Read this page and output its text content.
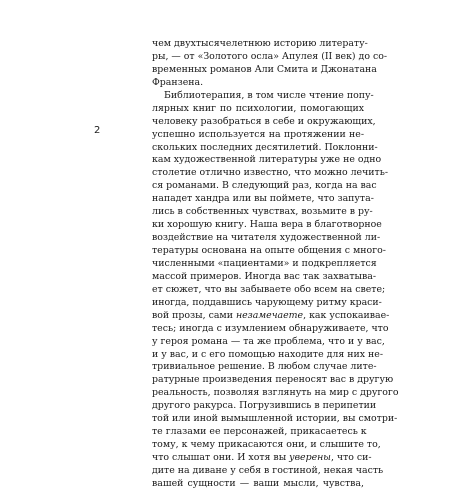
2
чем двухтысячелетнюю историю литерату-
ры, — от «Золотого осла» Апулея (II век) до со-
временных романов Али Смита и Джонатана
Франзена.
Библиотерапия, в том числе чтение попу-
лярных книг по психологии, помогающих
человеку разобраться в себе и окружающих,
успешно используется на протяжении не-
скольких последних десятилетий. Поклонни-
кам художественной литературы уже не одно
столетие отлично известно, что можно лечить-
ся романами. В следующий раз, когда на вас
нападет хандра или вы поймете, что запута-
лись в собственных чувствах, возьмите в ру-
ки хорошую книгу. Наша вера в благотворное
воздействие на читателя художественной ли-
тературы основана на опыте общения с много-
численными «пациентами» и подкрепляется
массой примеров. Иногда вас так захватыва-
ет сюжет, что вы забываете обо всем на свете;
иногда, поддавшись чарующему ритму краси-
вой прозы, сами незамечаете, как успокаивае-
тесь; иногда с изумлением обнаруживаете, что
у героя романа — та же проблема, что и у вас,
и у вас, и с его помощью находите для них не-
тривиальное решение. В любом случае лите-
ратурные произведения переносят вас в другую
реальность, позволяя взглянуть на мир с другого
другого ракурса. Погрузившись в перипетии
той или иной вымышленной истории, вы смотри-
те глазами ее персонажей, прикасаетесь к
тому, к чему прикасаются они, и слышите то,
что слышат они. И хотя вы уверены, что си-
дите на диване у себя в гостиной, некая часть
вашей сущности — ваши мысли, чувства,
